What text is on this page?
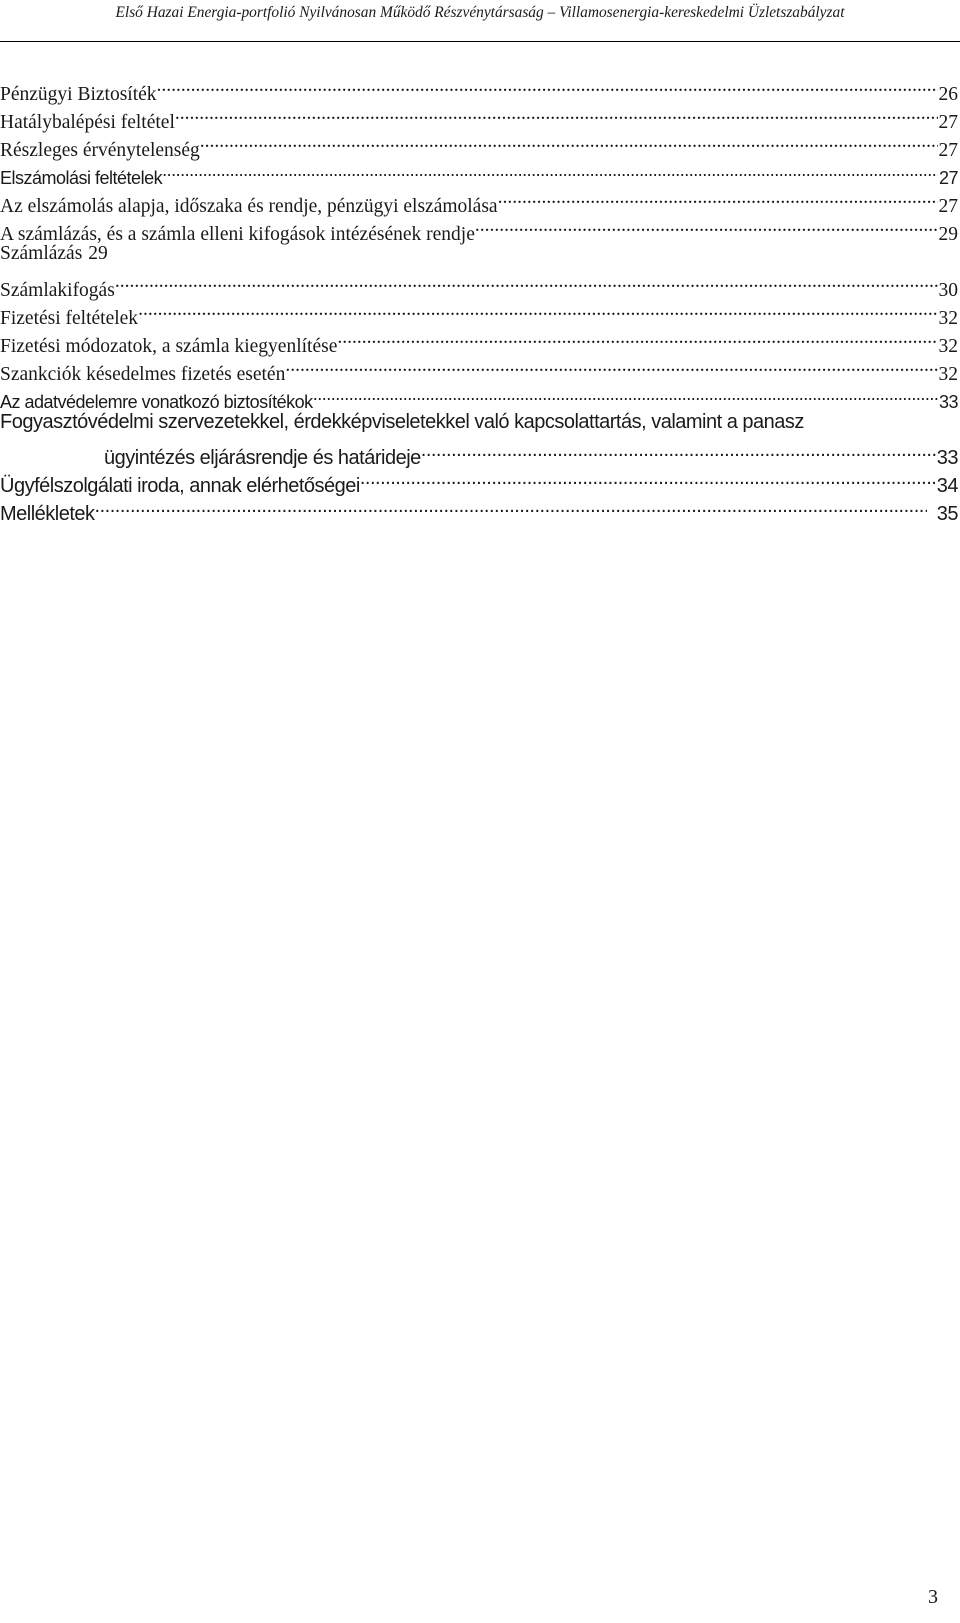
Első Hazai Energia-portfolió Nyilvánosan Működő Részvénytársaság – Villamosenergia-kereskedelmi Üzletszabályzat
Pénzügyi Biztosíték .....	26
Hatálybalépési feltétel .....	27
Részleges érvénytelenség .....	27
Elszámolási feltételek .....	27
Az elszámolás alapja, időszaka és rendje, pénzügyi elszámolása .....	27
A számlázás, és a számla elleni kifogások intézésének rendje .....	29
Számlázás 29
Számlakifogás .....	30
Fizetési feltételek .....	32
Fizetési módozatok, a számla kiegyenlítése .....	32
Szankciók késedelmes fizetés esetén .....	32
Az adatvédelemre vonatkozó biztosítékok .....	33
Fogyasztóvédelmi szervezetekkel, érdekképviseletekkel való kapcsolattartás, valamint a panasz
ügyintézés eljárásrendje és határideje .....	33
Ügyfélszolgálati iroda, annak elérhetőségei .....	34
Mellékletek .....	35
3
